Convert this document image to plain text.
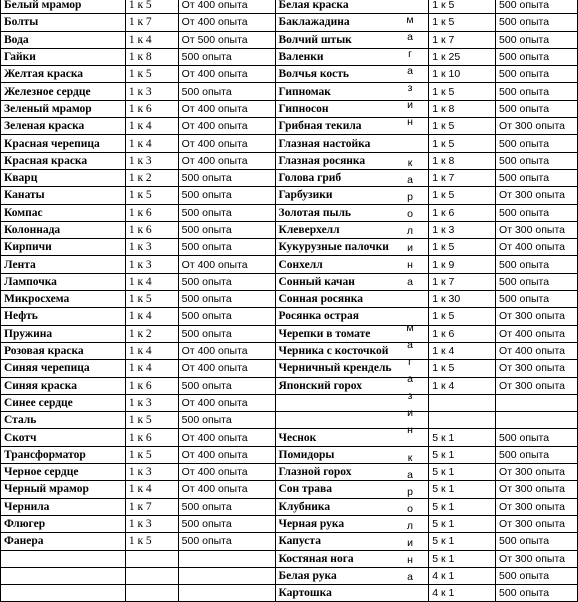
Белый мрамор	1 к 5	От 400 опыта	Белая краска	1 к 5	500 опыта
Болты	1 к 7	От 400 опыта	Баклажадина	1 к 5	500 опыта
Вода	1 к 4	От 500 опыта	Волчий штык	1 к 7	500 опыта
Гайки	1 к 8	500 опыта	Валенки	1 к 25	500 опыта
Желтая краска	1 к 5	От 400 опыта	Волчья кость	1 к 10	500 опыта
Железное сердце	1 к 3	500 опыта	Гипномак	1 к 5	500 опыта
Зеленый мрамор	1 к 6	От 400 опыта	Гипносон	1 к 8	500 опыта
Зеленая краска	1 к 4	От 400 опыта	Грибная текила	1 к 5	От 300 опыта
Красная черепица	1 к 4	От 400 опыта	Глазная настойка	1 к 5	500 опыта
Красная краска	1 к 3	От 400 опыта	Глазная росянка	1 к 8	500 опыта
Кварц	1 к 2	500 опыта	Голова гриб	1 к 7	500 опыта
Канаты	1 к 5	500 опыта	Гарбузики	1 к 5	От 300 опыта
Компас	1 к 6	500 опыта	Золотая пыль	1 к 6	500 опыта
Колоннада	1 к 6	500 опыта	Клеверхелл	1 к 3	От 300 опыта
Кирпичи	1 к 3	500 опыта	Кукурузные палочки	1 к 5	От 400 опыта
Лента	1 к 3	От 400 опыта	Сонхелл	1 к 9	500 опыта
Лампочка	1 к 4	500 опыта	Сонный качан	1 к 7	500 опыта
Микросхема	1 к 5	500 опыта	Сонная росянка	1 к 30	500 опыта
Нефть	1 к 4	500 опыта	Росянка острая	1 к 5	От 300 опыта
Пружина	1 к 2	500 опыта	Черепки в томате	1 к 6	От 400 опыта
Розовая краска	1 к 4	От 400 опыта	Черника с косточкой	1 к 4	От 400 опыта
Синяя черепица	1 к 4	От 400 опыта	Черничный крендель	1 к 5	От 300 опыта
Синяя краска	1 к 6	500 опыта	Японский горох	1 к 4	От 300 опыта
Синее сердце	1 к 3	От 400 опыта			
Сталь	1 к 5	500 опыта			
Скотч	1 к 6	От 400 опыта	Чеснок	5 к 1	500 опыта
Трансформатор	1 к 5	От 400 опыта	Помидоры	5 к 1	500 опыта
Черное сердце	1 к 3	От 400 опыта	Глазной горох	5 к 1	От 300 опыта
Черный мрамор	1 к 4	От 400 опыта	Сон трава	5 к 1	От 300 опыта
Чернила	1 к 7	500 опыта	Клубника	5 к 1	От 300 опыта
Флюгер	1 к 3	500 опыта	Черная рука	5 к 1	От 300 опыта
Фанера	1 к 5	500 опыта	Капуста	5 к 1	500 опыта
			Костяная нога	5 к 1	От 300 опыта
			Белая рука	4 к 1	500 опыта
			Картошка	4 к 1	500 опыта
м
а
г
а
з
и
н
к
а
р
о
л
и
н
а
м
а
г
а
з
и
н
к
а
р
о
л
и
н
а
